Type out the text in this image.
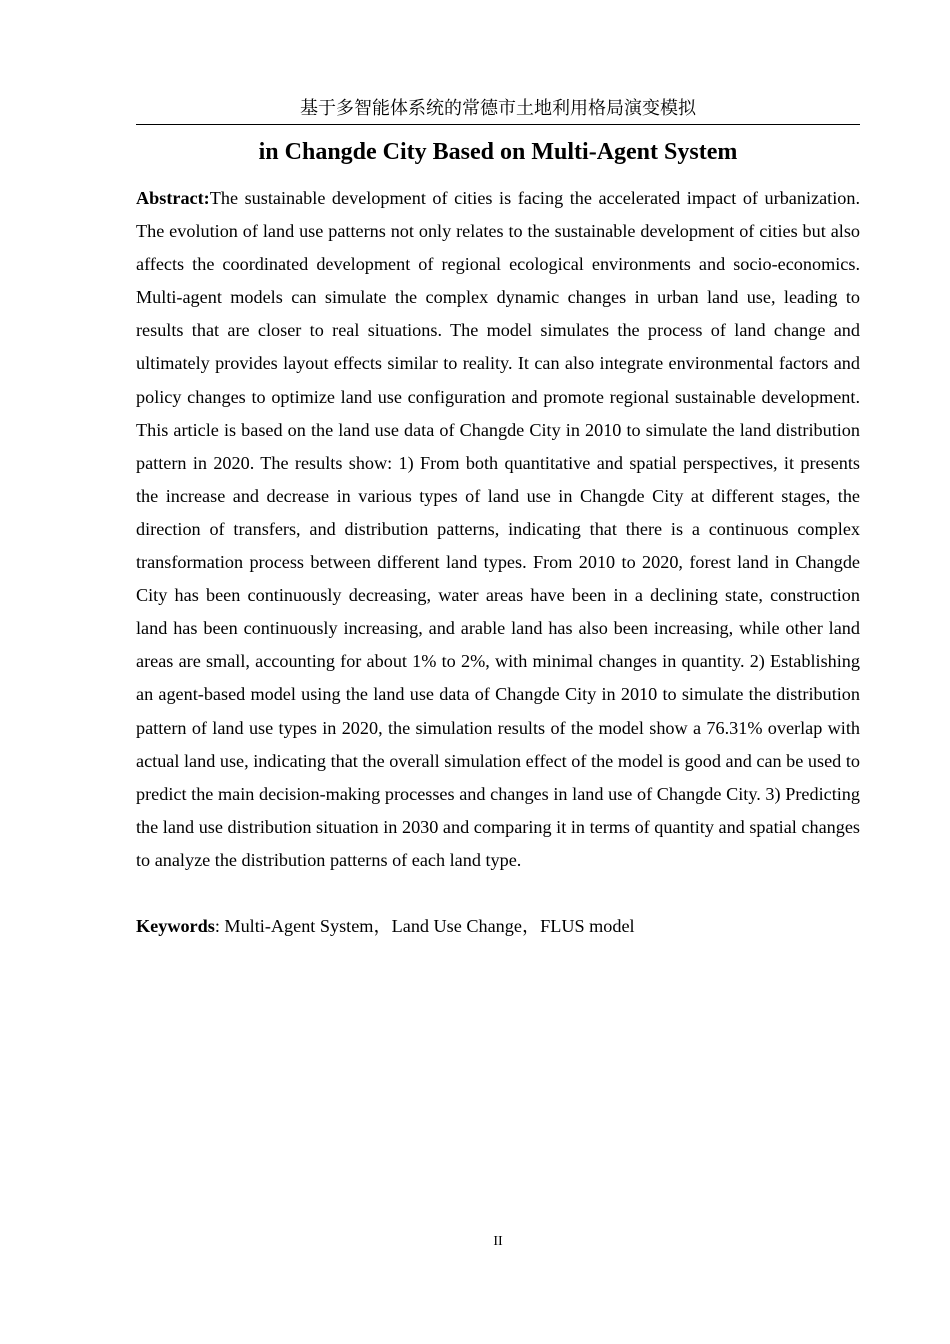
基于多智能体系统的常德市土地利用格局演变模拟
in Changde City Based on Multi-Agent System

Abstract:The sustainable development of cities is facing the accelerated impact of urbanization. The evolution of land use patterns not only relates to the sustainable development of cities but also affects the coordinated development of regional ecological environments and socio-economics. Multi-agent models can simulate the complex dynamic changes in urban land use, leading to results that are closer to real situations. The model simulates the process of land change and ultimately provides layout effects similar to reality. It can also integrate environmental factors and policy changes to optimize land use configuration and promote regional sustainable development. This article is based on the land use data of Changde City in 2010 to simulate the land distribution pattern in 2020. The results show: 1) From both quantitative and spatial perspectives, it presents the increase and decrease in various types of land use in Changde City at different stages, the direction of transfers, and distribution patterns, indicating that there is a continuous complex transformation process between different land types. From 2010 to 2020, forest land in Changde City has been continuously decreasing, water areas have been in a declining state, construction land has been continuously increasing, and arable land has also been increasing, while other land areas are small, accounting for about 1% to 2%, with minimal changes in quantity. 2) Establishing an agent-based model using the land use data of Changde City in 2010 to simulate the distribution pattern of land use types in 2020, the simulation results of the model show a 76.31% overlap with actual land use, indicating that the overall simulation effect of the model is good and can be used to predict the main decision-making processes and changes in land use of Changde City. 3) Predicting the land use distribution situation in 2030 and comparing it in terms of quantity and spatial changes to analyze the distribution patterns of each land type.

Keywords: Multi-Agent System，Land Use Change，FLUS model

II
